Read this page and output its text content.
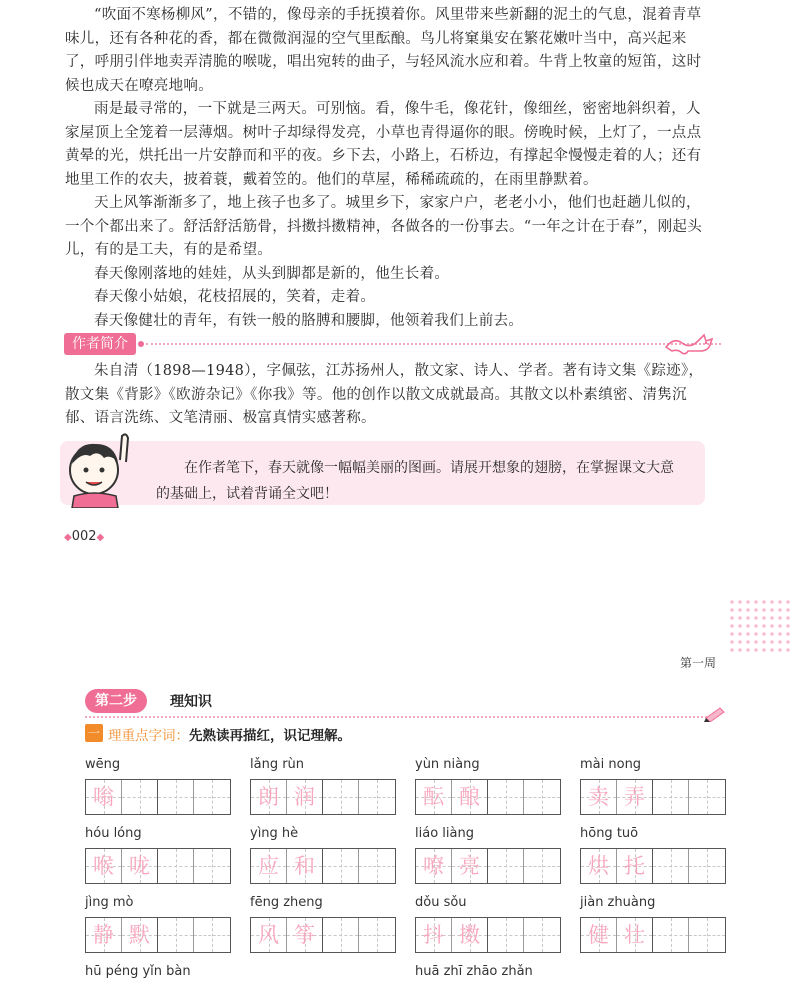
“吹面不寒杨柳风”，不错的，像母亲的手抚摸着你。风里带来些新翻的泥土的气息，混着青草味儿，还有各种花的香，都在微微润湿的空气里酝酿。鸟儿将窠巢安在繁花嫩叶当中，高兴起来了，呼朋引伴地卖弄清脆的喉咙，唱出宛转的曲子，与轻风流水应和着。牛背上牧童的短笛，这时候也成天在嘹亮地响。

雨是最寻常的，一下就是三两天。可别恼。看，像牛毛，像花针，像细丝，密密地斜织着，人家屋顶上全笼着一层薄烟。树叶子却绿得发亮，小草也青得逼你的眼。傍晚时候，上灯了，一点点黄晕的光，烘托出一片安静而和平的夜。乡下去，小路上，石桥边，有撑起伞慢慢走着的人；还有地里工作的农夫，披着蓑，戴着笠的。他们的草屋，稀稀疏疏的，在雨里静默着。

天上风筝渐渐多了，地上孩子也多了。城里乡下，家家户户，老老小小，他们也赶趟儿似的，一个个都出来了。舒活舒活筋骨，抖擞抖擞精神，各做各的一份事去。“一年之计在于春”，刚起头儿，有的是工夫，有的是希望。

春天像刚落地的娃娃，从头到脚都是新的，他生长着。

春天像小姑娘，花枝招展的，笑着，走着。

春天像健壮的青年，有铁一般的胳膊和腰脚，他领着我们上前去。

作者简介

朱自清（1898—1948），字佩弦，江苏扬州人，散文家、诗人、学者。著有诗文集《踪迹》，散文集《背影》《欧游杂记》《你我》等。他的创作以散文成就最高。其散文以朴素缜密、清隽沉郁、语言洗练、文笔清丽、极富真情实感著称。

在作者笔下，春天就像一幅幅美丽的图画。请展开想象的翅膀，在掌握课文大意的基础上，试着背诵全文吧！

◆002◆
第一周
第二步	理知识
一 理重点字词：先熟读再描红，识记理解。
wēng
嗡
lǎng rùn
朗 润
yùn niàng
酝 酿
mài nong
卖 弄
hóu lóng
喉 咙
yìng hè
应 和
liáo liàng
嘹 亮
hōng tuō
烘 托
jìng mò
静 默
fēng zheng
风 筝
dǒu sǒu
抖 擞
jiàn zhuàng
健 壮
hū péng yǐn bàn	huā zhī zhāo zhǎn
